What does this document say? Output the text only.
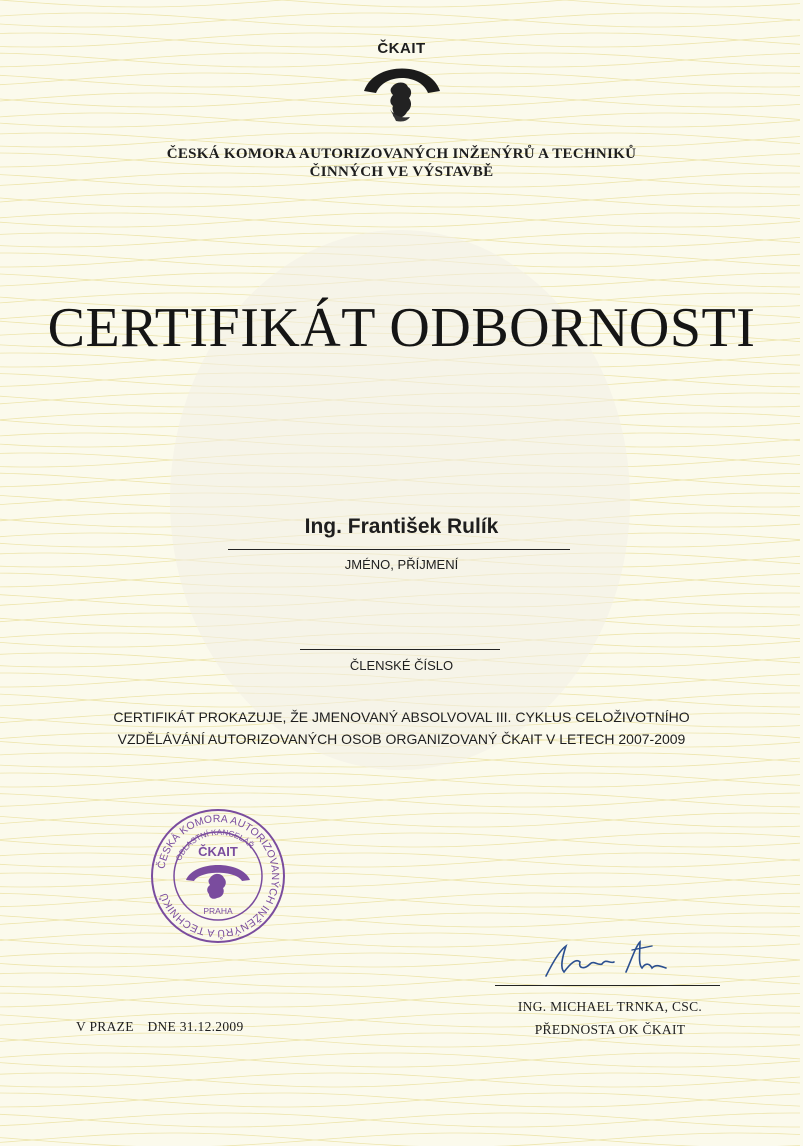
ČKAIT
ČESKÁ KOMORA AUTORIZOVANÝCH INŽENÝRŮ A TECHNIKŮ
ČINNÝCH VE VÝSTAVBĚ
CERTIFIKÁT ODBORNOSTI
Ing. František Rulík
JMÉNO, PŘÍJMENÍ
ČLENSKÉ ČÍSLO
CERTIFIKÁT PROKAZUJE, ŽE JMENOVANÝ ABSOLVOVAL III. CYKLUS CELOŽIVOTNÍHO
VZDĚLÁVÁNÍ AUTORIZOVANÝCH OSOB ORGANIZOVANÝ ČKAIT V LETECH 2007-2009
ČESKÁ KOMORA AUTORIZOVANÝCH INŽENÝRŮ A TECHNIKŮ
OBLASTNÍ KANCELÁŘ
ČKAIT
PRAHA
ING. MICHAEL TRNKA, CSC.
PŘEDNOSTA OK ČKAIT
V PRAZE DNE 31.12.2009
